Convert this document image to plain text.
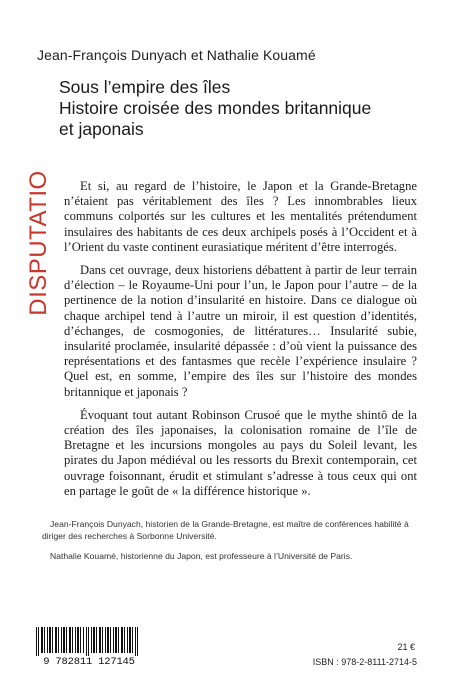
Jean-François Dunyach et Nathalie Kouamé
Sous l’empire des îles
Histoire croisée des mondes britannique
et japonais
DISPUTATIO	Et si, au regard de l’histoire, le Japon et la Grande-Bretagne n’étaient pas véritablement des îles ? Les innombrables lieux communs colportés sur les cultures et les mentalités prétendument insulaires des habitants de ces deux archipels posés à l’Occident et à l’Orient du vaste continent eurasiatique méritent d’être interrogés.

Dans cet ouvrage, deux historiens débattent à partir de leur terrain d’élection – le Royaume-Uni pour l’un, le Japon pour l’autre – de la pertinence de la notion d’insularité en histoire. Dans ce dialogue où chaque archipel tend à l’autre un miroir, il est question d’identités, d’échanges, de cosmogonies, de littératures… Insularité subie, insularité proclamée, insularité dépassée : d’où vient la puissance des représentations et des fantasmes que recèle l’expérience insulaire ? Quel est, en somme, l’empire des îles sur l’histoire des mondes britannique et japonais ?

Évoquant tout autant Robinson Crusoé que le mythe shintô de la création des îles japonaises, la colonisation romaine de l’île de Bretagne et les incursions mongoles au pays du Soleil levant, les pirates du Japon médiéval ou les ressorts du Brexit contemporain, cet ouvrage foisonnant, érudit et stimulant s’adresse à tous ceux qui ont en partage le goût de « la différence historique ».

Jean-François Dunyach, historien de la Grande-Bretagne, est maître de conférences habilité à diriger des recherches à Sorbonne Université.

Nathalie Kouamé, historienne du Japon, est professeure à l’Université de Paris.

9 782811 127145
21 €
ISBN : 978-2-8111-2714-5
